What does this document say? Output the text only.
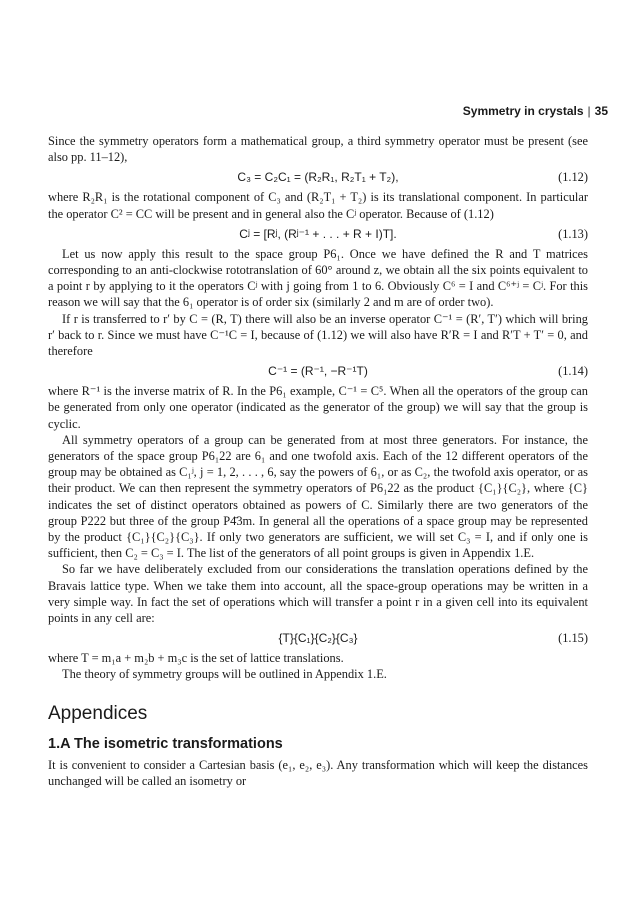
Symmetry in crystals | 35

Since the symmetry operators form a mathematical group, a third symmetry operator must be present (see also pp. 11–12),

C₃ = C₂C₁ = (R₂R₁, R₂T₁ + T₂),	(1.12)

where R₂R₁ is the rotational component of C₃ and (R₂T₁ + T₂) is its translational component. In particular the operator C² = CC will be present and in general also the Cʲ operator. Because of (1.12)

Cʲ = [Rʲ, (Rʲ⁻¹ + . . . + R + I)T].	(1.13)

Let us now apply this result to the space group P6₁. Once we have defined the R and T matrices corresponding to an anti-clockwise rototranslation of 60° around z, we obtain all the six points equivalent to a point r by applying to it the operators Cʲ with j going from 1 to 6. Obviously C⁶ = I and C⁶⁺ʲ = Cʲ. For this reason we will say that the 6₁ operator is of order six (similarly 2 and m are of order two).

If r is transferred to r′ by C = (R, T) there will also be an inverse operator C⁻¹ = (R′, T′) which will bring r′ back to r. Since we must have C⁻¹C = I, because of (1.12) we will also have R′R = I and R′T + T′ = 0, and therefore

C⁻¹ = (R⁻¹, −R⁻¹T)	(1.14)

where R⁻¹ is the inverse matrix of R. In the P6₁ example, C⁻¹ = C⁵. When all the operators of the group can be generated from only one operator (indicated as the generator of the group) we will say that the group is cyclic.

All symmetry operators of a group can be generated from at most three generators. For instance, the generators of the space group P6₁22 are 6₁ and one twofold axis. Each of the 12 different operators of the group may be obtained as C₁ʲ, j = 1, 2, . . . , 6, say the powers of 6₁, or as C₂, the twofold axis operator, or as their product. We can then represent the symmetry operators of P6₁22 as the product {C₁}{C₂}, where {C} indicates the set of distinct operators obtained as powers of C. Similarly there are two generators of the group P222 but three of the group P4̄3m. In general all the operations of a space group may be represented by the product {C₁}{C₂}{C₃}. If only two generators are sufficient, we will set C₃ = I, and if only one is sufficient, then C₂ = C₃ = I. The list of the generators of all point groups is given in Appendix 1.E.

So far we have deliberately excluded from our considerations the translation operations defined by the Bravais lattice type. When we take them into account, all the space-group operations may be written in a very simple way. In fact the set of operations which will transfer a point r in a given cell into its equivalent points in any cell are:

{T}{C₁}{C₂}{C₃}	(1.15)

where T = m₁a + m₂b + m₃c is the set of lattice translations.

The theory of symmetry groups will be outlined in Appendix 1.E.

Appendices
1.A The isometric transformations

It is convenient to consider a Cartesian basis (e₁, e₂, e₃). Any transformation which will keep the distances unchanged will be called an isometry or
